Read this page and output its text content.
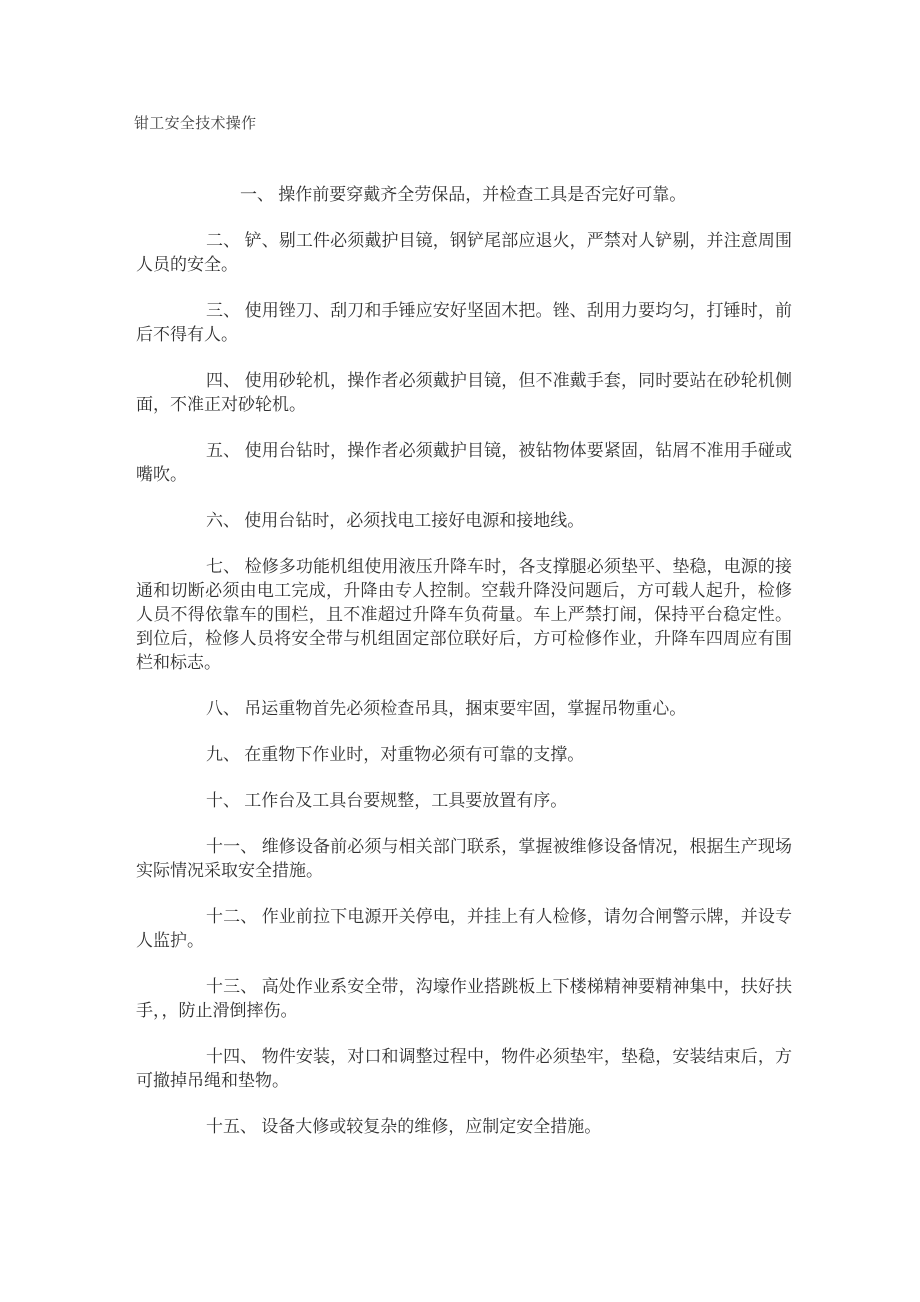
钳工安全技术操作

一、 操作前要穿戴齐全劳保品，并检查工具是否完好可靠。

二、 铲、剔工件必须戴护目镜，钢铲尾部应退火，严禁对人铲剔，并注意周围人员的安全。

三、 使用锉刀、刮刀和手锤应安好坚固木把。锉、刮用力要均匀，打锤时，前后不得有人。

四、 使用砂轮机，操作者必须戴护目镜，但不准戴手套，同时要站在砂轮机侧面，不准正对砂轮机。

五、 使用台钻时，操作者必须戴护目镜，被钻物体要紧固，钻屑不准用手碰或嘴吹。

六、 使用台钻时，必须找电工接好电源和接地线。

七、 检修多功能机组使用液压升降车时，各支撑腿必须垫平、垫稳，电源的接通和切断必须由电工完成，升降由专人控制。空载升降没问题后，方可载人起升，检修人员不得依靠车的围栏，且不准超过升降车负荷量。车上严禁打闹，保持平台稳定性。到位后，检修人员将安全带与机组固定部位联好后，方可检修作业，升降车四周应有围栏和标志。

八、 吊运重物首先必须检查吊具，捆束要牢固，掌握吊物重心。

九、 在重物下作业时，对重物必须有可靠的支撑。

十、 工作台及工具台要规整，工具要放置有序。

十一、 维修设备前必须与相关部门联系，掌握被维修设备情况，根据生产现场实际情况采取安全措施。

十二、 作业前拉下电源开关停电，并挂上有人检修，请勿合闸警示牌，并设专人监护。

十三、 高处作业系安全带，沟壕作业搭跳板上下楼梯精神要精神集中，扶好扶手，，防止滑倒摔伤。

十四、 物件安装，对口和调整过程中，物件必须垫牢，垫稳，安装结束后，方可撤掉吊绳和垫物。

十五、 设备大修或较复杂的维修，应制定安全措施。
